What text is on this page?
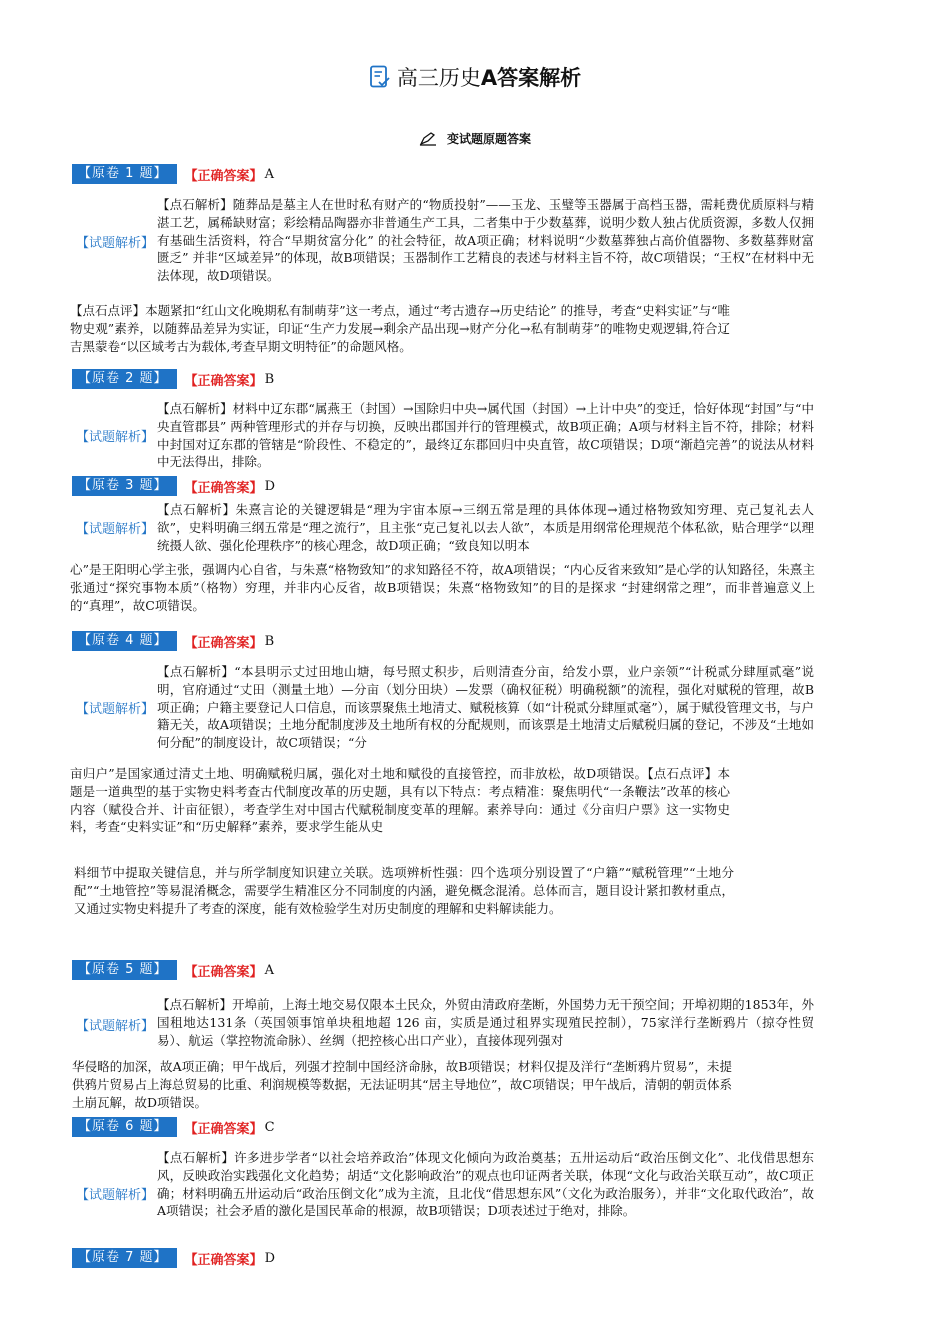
高三历史A答案解析
变试题原题答案
【原卷 1 题】	【正确答案】 A
【试题解析】
【点石解析】随葬品是墓主人在世时私有财产的“物质投射”——玉龙、玉璧等玉器属于高档玉器，需耗费优质原料与精湛工艺，属稀缺财富；彩绘精品陶器亦非普通生产工具，二者集中于少数墓葬，说明少数人独占优质资源，多数人仅拥有基础生活资料，符合“早期贫富分化” 的社会特征，故A项正确；材料说明“少数墓葬独占高价值器物、多数墓葬财富匮乏” 并非“区域差异”的体现，故B项错误；玉器制作工艺精良的表述与材料主旨不符，故C项错误；“王权”在材料中无法体现，故D项错误。
【点石点评】本题紧扣“红山文化晚期私有制萌芽”这一考点，通过“考古遗存→历史结论” 的推导，考查“史料实证”与“唯物史观”素养，以随葬品差异为实证，印证“生产力发展→剩余产品出现→财产分化→私有制萌芽”的唯物史观逻辑,符合辽吉黑蒙卷“以区域考古为载体,考查早期文明特征”的命题风格。
【原卷 2 题】	【正确答案】 B
【试题解析】
【点石解析】材料中辽东郡“属燕王（封国）→国除归中央→属代国（封国）→上计中央”的变迁，恰好体现“封国”与“中央直管郡县” 两种管理形式的并存与切换，反映出郡国并行的管理模式，故B项正确；A项与材料主旨不符，排除；材料中封国对辽东郡的管辖是“阶段性、不稳定的”，最终辽东郡回归中央直管，故C项错误；D项“渐趋完善”的说法从材料中无法得出，排除。
【原卷 3 题】	【正确答案】 D
【试题解析】
【点石解析】朱熹言论的关键逻辑是“理为宇宙本原→三纲五常是理的具体体现→通过格物致知穷理、克己复礼去人欲”，史料明确三纲五常是“理之流行”，且主张“克己复礼以去人欲”，本质是用纲常伦理规范个体私欲，贴合理学“以理统摄人欲、强化伦理秩序”的核心理念，故D项正确；“致良知以明本
心”是王阳明心学主张，强调内心自省，与朱熹“格物致知”的求知路径不符，故A项错误；“内心反省来致知”是心学的认知路径，朱熹主张通过“探究事物本质”（格物）穷理，并非内心反省，故B项错误；朱熹“格物致知”的目的是探求 “封建纲常之理”，而非普遍意义上的“真理”，故C项错误。
【原卷 4 题】	【正确答案】 B
【试题解析】
【点石解析】“本县明示丈过田地山塘，每号照丈积步，后则清查分亩，给发小票，业户亲领”“计税贰分肆厘贰毫”说明，官府通过“丈田（测量土地）—分亩（划分田块）—发票（确权征税）明确税额”的流程，强化对赋税的管理，故B项正确；户籍主要登记人口信息，而该票聚焦土地清丈、赋税核算（如“计税贰分肆厘贰毫”），属于赋役管理文书，与户籍无关，故A项错误；土地分配制度涉及土地所有权的分配规则，而该票是土地清丈后赋税归属的登记，不涉及“土地如何分配”的制度设计，故C项错误；“分
亩归户”是国家通过清丈土地、明确赋税归属，强化对土地和赋役的直接管控，而非放松，故D项错误。【点石点评】本题是一道典型的基于实物史料考查古代制度改革的历史题，具有以下特点：考点精准：聚焦明代“一条鞭法”改革的核心内容（赋役合并、计亩征银），考查学生对中国古代赋税制度变革的理解。素养导向：通过《分亩归户票》这一实物史料，考查“史料实证”和“历史解释”素养，要求学生能从史
料细节中提取关键信息，并与所学制度知识建立关联。选项辨析性强：四个选项分别设置了“户籍”“赋税管理”“土地分配”“土地管控”等易混淆概念，需要学生精准区分不同制度的内涵，避免概念混淆。总体而言，题目设计紧扣教材重点，又通过实物史料提升了考查的深度，能有效检验学生对历史制度的理解和史料解读能力。
【原卷 5 题】	【正确答案】 A
【试题解析】
【点石解析】开埠前，上海土地交易仅限本土民众，外贸由清政府垄断，外国势力无干预空间；开埠初期的1853年，外国租地达131条（英国领事馆单块租地超 126 亩，实质是通过租界实现殖民控制），75家洋行垄断鸦片（掠夺性贸易）、航运（掌控物流命脉）、丝绸（把控核心出口产业），直接体现列强对
华侵略的加深，故A项正确；甲午战后，列强才控制中国经济命脉，故B项错误；材料仅提及洋行“垄断鸦片贸易”，未提供鸦片贸易占上海总贸易的比重、利润规模等数据，无法证明其“居主导地位”，故C项错误；甲午战后，清朝的朝贡体系土崩瓦解，故D项错误。
【原卷 6 题】	【正确答案】 C
【试题解析】
【点石解析】许多进步学者“以社会培养政治”体现文化倾向为政治奠基；五卅运动后“政治压倒文化”、北伐借思想东风，反映政治实践强化文化趋势；胡适“文化影响政治”的观点也印证两者关联，体现“文化与政治关联互动”，故C项正确；材料明确五卅运动后“政治压倒文化”成为主流，且北伐“借思想东风”（文化为政治服务），并非“文化取代政治”，故A项错误；社会矛盾的激化是国民革命的根源，故B项错误；D项表述过于绝对，排除。
【原卷 7 题】	【正确答案】 D
